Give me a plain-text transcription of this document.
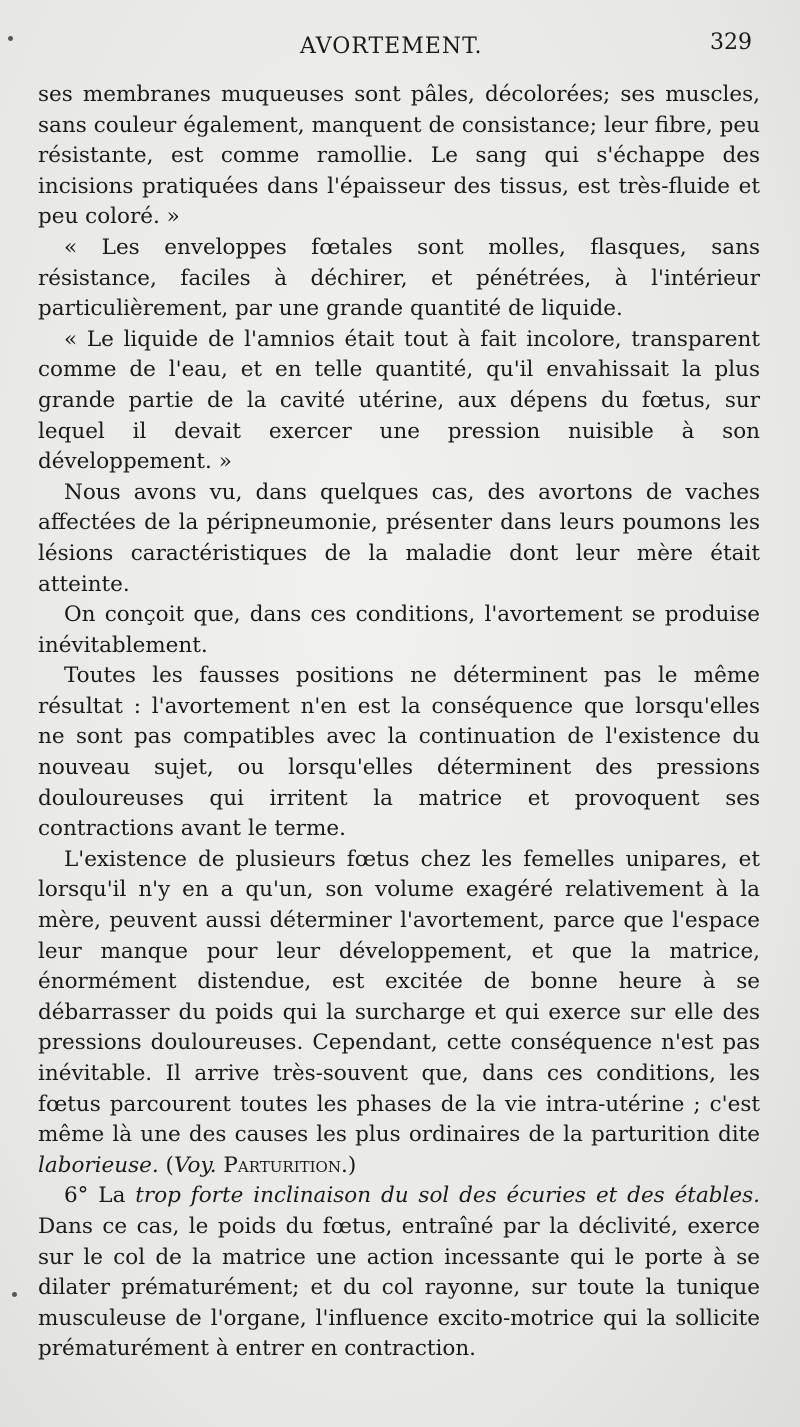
AVORTEMENT.	329

ses membranes muqueuses sont pâles, décolorées; ses muscles, sans couleur également, manquent de consistance; leur fibre, peu résistante, est comme ramollie. Le sang qui s'échappe des incisions pratiquées dans l'épaisseur des tissus, est très-fluide et peu coloré. »

« Les enveloppes fœtales sont molles, flasques, sans résistance, faciles à déchirer, et pénétrées, à l'intérieur particulièrement, par une grande quantité de liquide.

« Le liquide de l'amnios était tout à fait incolore, transparent comme de l'eau, et en telle quantité, qu'il envahissait la plus grande partie de la cavité utérine, aux dépens du fœtus, sur lequel il devait exercer une pression nuisible à son développement. »

Nous avons vu, dans quelques cas, des avortons de vaches affectées de la péripneumonie, présenter dans leurs poumons les lésions caractéristiques de la maladie dont leur mère était atteinte.

On conçoit que, dans ces conditions, l'avortement se produise inévitablement.

Toutes les fausses positions ne déterminent pas le même résultat : l'avortement n'en est la conséquence que lorsqu'elles ne sont pas compatibles avec la continuation de l'existence du nouveau sujet, ou lorsqu'elles déterminent des pressions douloureuses qui irritent la matrice et provoquent ses contractions avant le terme.

L'existence de plusieurs fœtus chez les femelles unipares, et lorsqu'il n'y en a qu'un, son volume exagéré relativement à la mère, peuvent aussi déterminer l'avortement, parce que l'espace leur manque pour leur développement, et que la matrice, énormément distendue, est excitée de bonne heure à se débarrasser du poids qui la surcharge et qui exerce sur elle des pressions douloureuses. Cependant, cette conséquence n'est pas inévitable. Il arrive très-souvent que, dans ces conditions, les fœtus parcourent toutes les phases de la vie intra-utérine ; c'est même là une des causes les plus ordinaires de la parturition dite laborieuse. (Voy. Parturition.)

6° La trop forte inclinaison du sol des écuries et des étables. Dans ce cas, le poids du fœtus, entraîné par la déclivité, exerce sur le col de la matrice une action incessante qui le porte à se dilater prématurément; et du col rayonne, sur toute la tunique musculeuse de l'organe, l'influence excito-motrice qui la sollicite prématurément à entrer en contraction.
